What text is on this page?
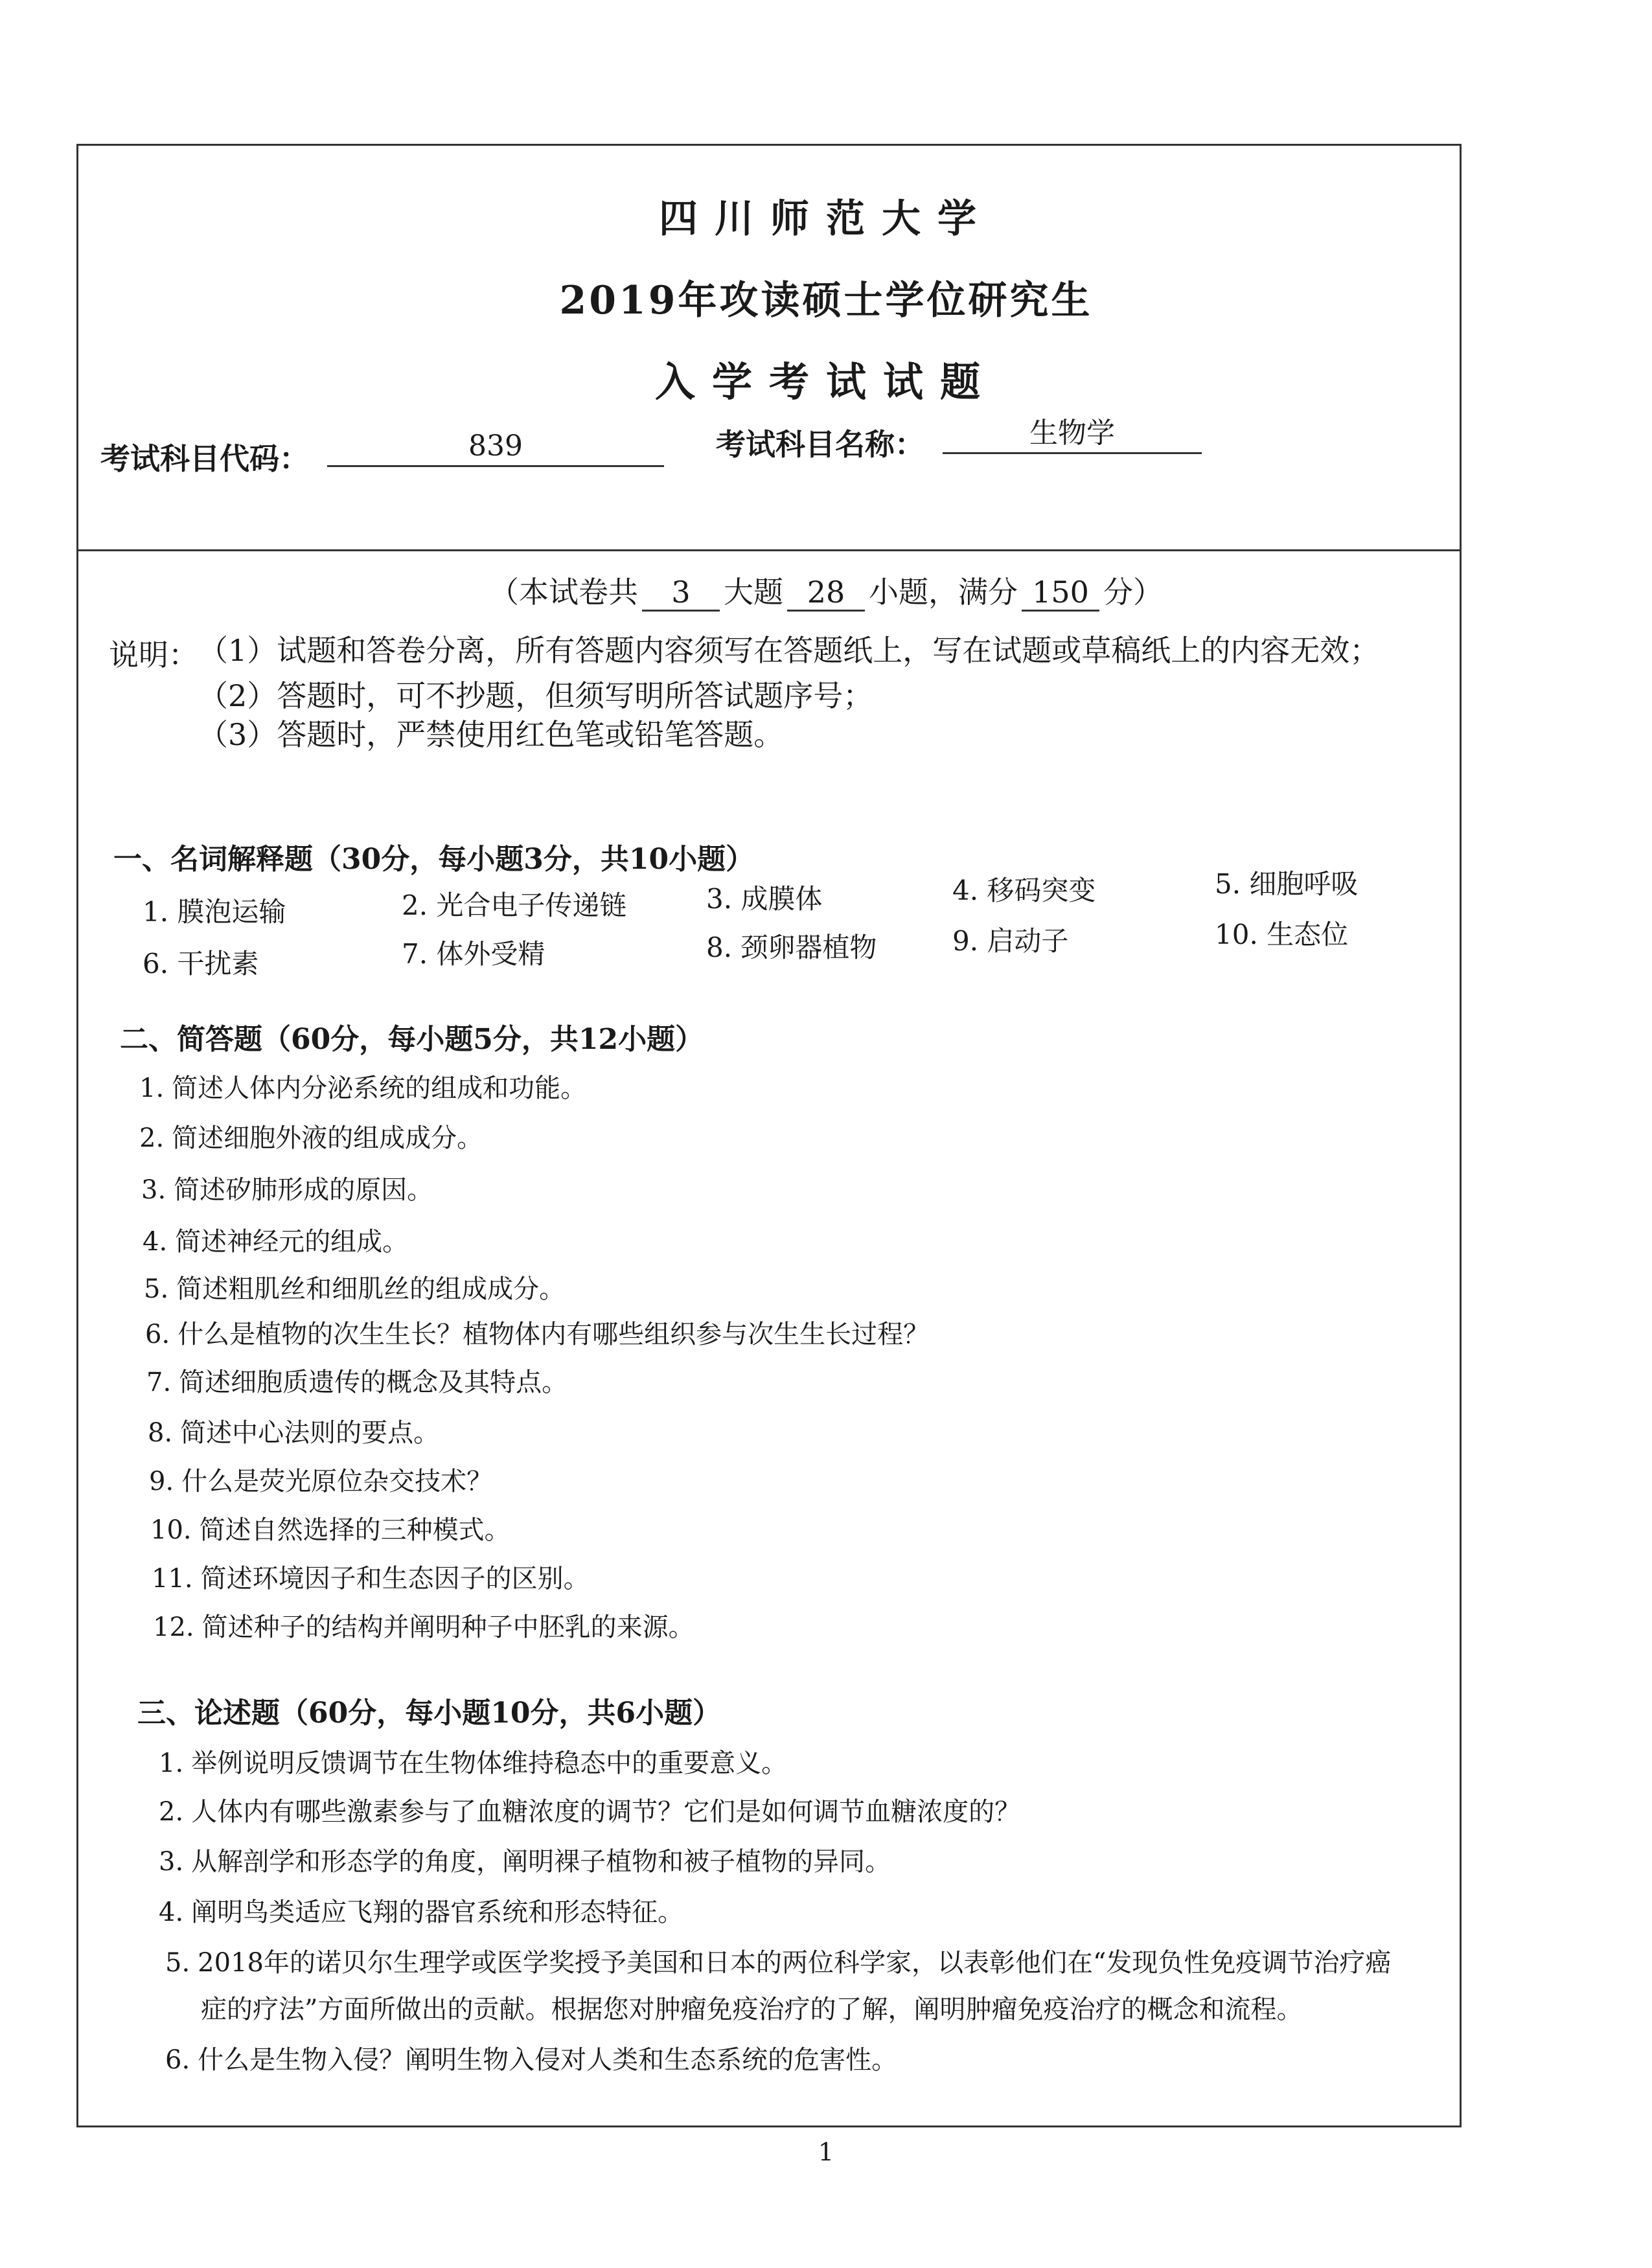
四川师范大学
2019年攻读硕士学位研究生
入学考试试题
考试科目代码：	839	考试科目名称：	生物学
（本试卷共 3 大题 28 小题，满分 150 分）
说明： （1）试题和答卷分离，所有答题内容须写在答题纸上，写在试题或草稿纸上的内容无效；
（2）答题时，可不抄题，但须写明所答试题序号；
（3）答题时，严禁使用红色笔或铅笔答题。
一、名词解释题（30分，每小题3分，共10小题）
1. 膜泡运输	2. 光合电子传递链	3. 成膜体	4. 移码突变	5. 细胞呼吸
6. 干扰素	7. 体外受精	8. 颈卵器植物	9. 启动子	10. 生态位
二、简答题（60分，每小题5分，共12小题）
1. 简述人体内分泌系统的组成和功能。
2. 简述细胞外液的组成成分。
3. 简述矽肺形成的原因。
4. 简述神经元的组成。
5. 简述粗肌丝和细肌丝的组成成分。
6. 什么是植物的次生生长？植物体内有哪些组织参与次生生长过程？
7. 简述细胞质遗传的概念及其特点。
8. 简述中心法则的要点。
9. 什么是荧光原位杂交技术？
10. 简述自然选择的三种模式。
11. 简述环境因子和生态因子的区别。
12. 简述种子的结构并阐明种子中胚乳的来源。
三、论述题（60分，每小题10分，共6小题）
1. 举例说明反馈调节在生物体维持稳态中的重要意义。
2. 人体内有哪些激素参与了血糖浓度的调节？它们是如何调节血糖浓度的？
3. 从解剖学和形态学的角度，阐明裸子植物和被子植物的异同。
4. 阐明鸟类适应飞翔的器官系统和形态特征。
5. 2018年的诺贝尔生理学或医学奖授予美国和日本的两位科学家，以表彰他们在“发现负性免疫调节治疗癌
症的疗法”方面所做出的贡献。根据您对肿瘤免疫治疗的了解，阐明肿瘤免疫治疗的概念和流程。
6. 什么是生物入侵？阐明生物入侵对人类和生态系统的危害性。
1
